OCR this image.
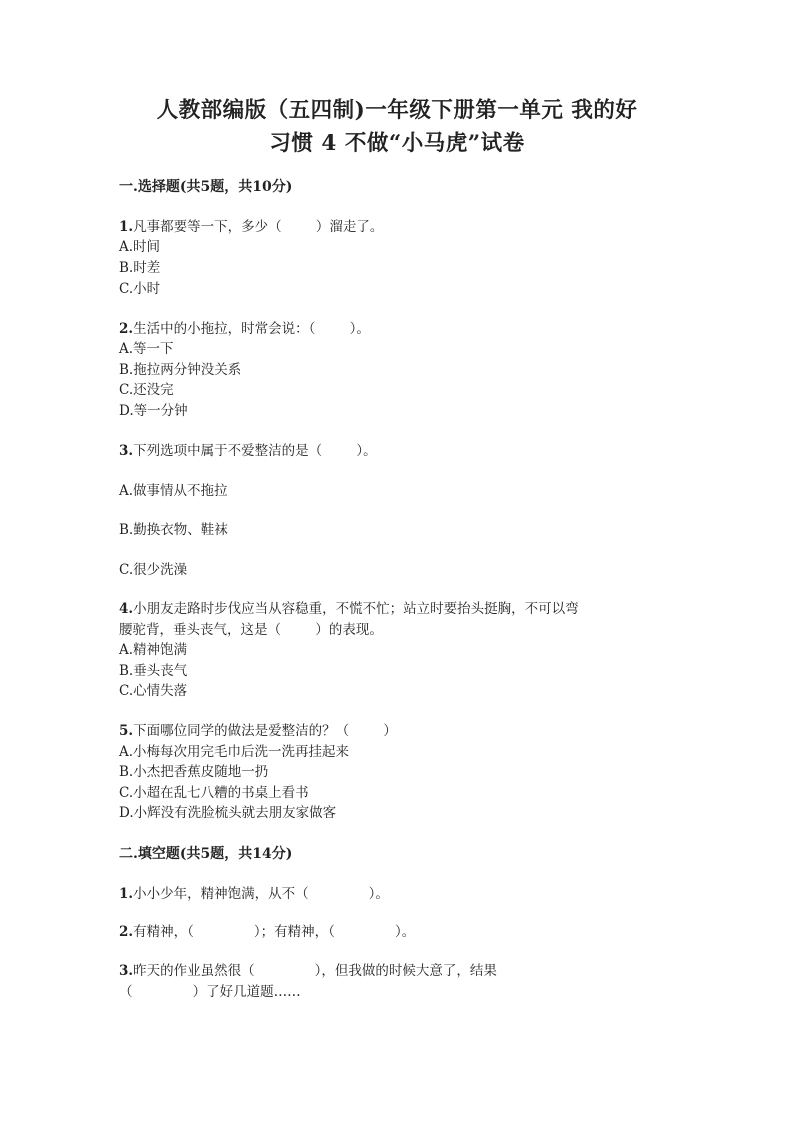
人教部编版（五四制)一年级下册第一单元 我的好
习惯 4 不做“小马虎”试卷
一.选择题(共5题，共10分)
1.凡事都要等一下，多少（        ）溜走了。
A.时间
B.时差
C.小时
2.生活中的小拖拉，时常会说：（        ）。
A.等一下
B.拖拉两分钟没关系
C.还没完
D.等一分钟
3.下列选项中属于不爱整洁的是（        ）。
A.做事情从不拖拉
B.勤换衣物、鞋袜
C.很少洗澡
4.小朋友走路时步伐应当从容稳重，不慌不忙；站立时要抬头挺胸，不可以弯
腰驼背，垂头丧气，这是（        ）的表现。
A.精神饱满
B.垂头丧气
C.心情失落
5.下面哪位同学的做法是爱整洁的？（        ）
A.小梅每次用完毛巾后洗一洗再挂起来
B.小杰把香蕉皮随地一扔
C.小超在乱七八糟的书桌上看书
D.小辉没有洗脸梳头就去朋友家做客
二.填空题(共5题，共14分)
1.小小少年，精神饱满，从不（              ）。
2.有精神，（              ）；有精神，（              ）。
3.昨天的作业虽然很（              ），但我做的时候大意了，结果
（              ）了好几道题……
